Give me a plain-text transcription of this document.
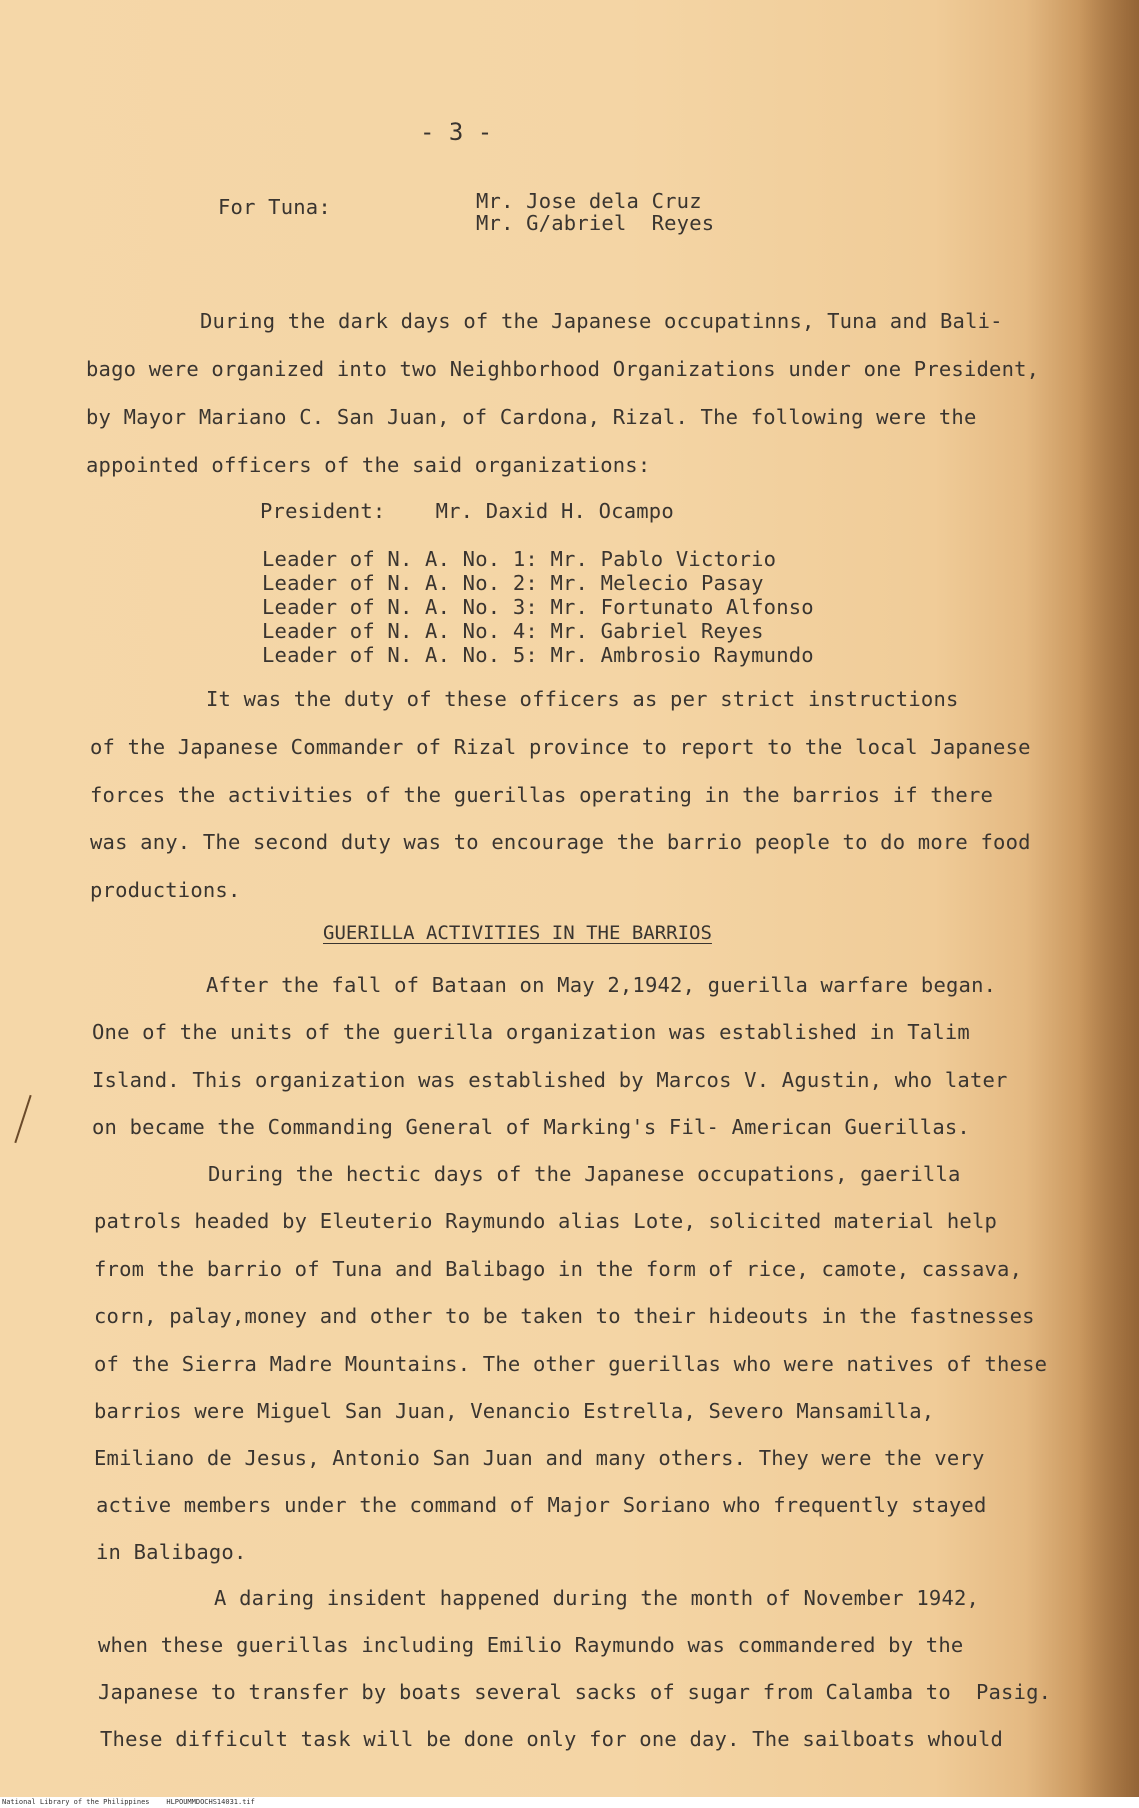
- 3 -
For Tuna:	Mr. Jose dela Cruz
Mr. G/abriel  Reyes
During the dark days of the Japanese occupatinns, Tuna and Bali-
bago were organized into two Neighborhood Organizations under one President,
by Mayor Mariano C. San Juan, of Cardona, Rizal. The following were the
appointed officers of the said organizations:
President:    Mr. Daxid H. Ocampo
Leader of N. A. No. 1: Mr. Pablo Victorio
Leader of N. A. No. 2: Mr. Melecio Pasay
Leader of N. A. No. 3: Mr. Fortunato Alfonso
Leader of N. A. No. 4: Mr. Gabriel Reyes
Leader of N. A. No. 5: Mr. Ambrosio Raymundo
It was the duty of these officers as per strict instructions
of the Japanese Commander of Rizal province to report to the local Japanese
forces the activities of the guerillas operating in the barrios if there
was any. The second duty was to encourage the barrio people to do more food
productions.
GUERILLA ACTIVITIES IN THE BARRIOS
After the fall of Bataan on May 2,1942, guerilla warfare began.
One of the units of the guerilla organization was established in Talim
Island. This organization was established by Marcos V. Agustin, who later
on became the Commanding General of Marking's Fil- American Guerillas.
During the hectic days of the Japanese occupations, gaerilla
patrols headed by Eleuterio Raymundo alias Lote, solicited material help
from the barrio of Tuna and Balibago in the form of rice, camote, cassava,
corn, palay,money and other to be taken to their hideouts in the fastnesses
of the Sierra Madre Mountains. The other guerillas who were natives of these
barrios were Miguel San Juan, Venancio Estrella, Severo Mansamilla,
Emiliano de Jesus, Antonio San Juan and many others. They were the very
active members under the command of Major Soriano who frequently stayed
in Balibago.
A daring insident happened during the month of November 1942,
when these guerillas including Emilio Raymundo was commandered by the
Japanese to transfer by boats several sacks of sugar from Calamba to  Pasig.
These difficult task will be done only for one day. The sailboats whould
National Library of the Philippines    HLPOUMMDOCHS14031.tif
